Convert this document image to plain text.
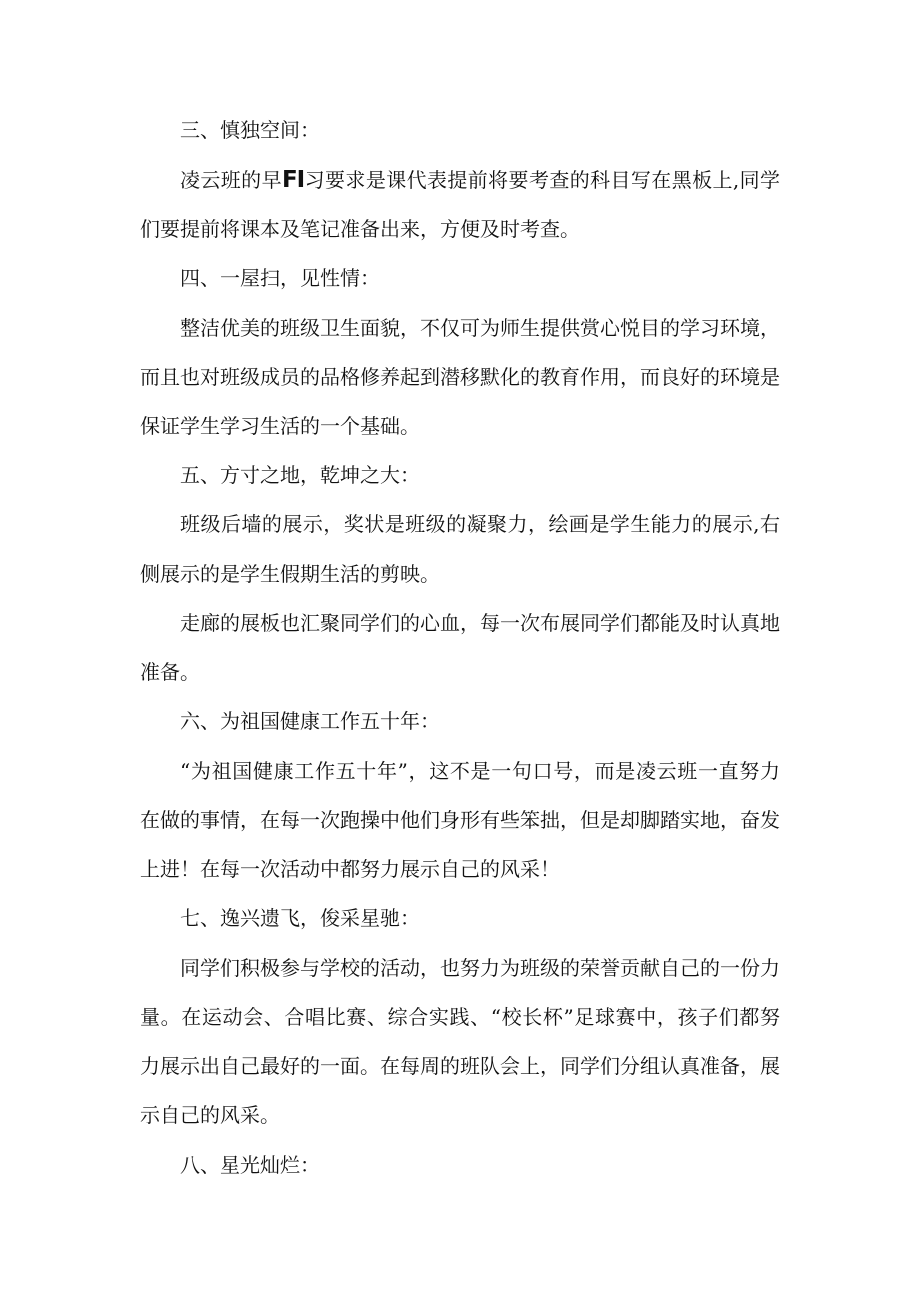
三、慎独空间：

凌云班的早FI习要求是课代表提前将要考查的科目写在黑板上,同学

们要提前将课本及笔记准备出来，方便及时考查。

四、一屋扫，见性情：

整洁优美的班级卫生面貌，不仅可为师生提供赏心悦目的学习环境，

而且也对班级成员的品格修养起到潜移默化的教育作用，而良好的环境是

保证学生学习生活的一个基础。

五、方寸之地，乾坤之大：

班级后墙的展示，奖状是班级的凝聚力，绘画是学生能力的展示,右

侧展示的是学生假期生活的剪映。

走廊的展板也汇聚同学们的心血，每一次布展同学们都能及时认真地

准备。

六、为祖国健康工作五十年：

“为祖国健康工作五十年”，这不是一句口号，而是凌云班一直努力

在做的事情，在每一次跑操中他们身形有些笨拙，但是却脚踏实地，奋发

上进！在每一次活动中都努力展示自己的风采！

七、逸兴遗飞，俊采星驰：

同学们积极参与学校的活动，也努力为班级的荣誉贡献自己的一份力

量。在运动会、合唱比赛、综合实践、“校长杯”足球赛中，孩子们都努

力展示出自己最好的一面。在每周的班队会上，同学们分组认真准备，展

示自己的风采。

八、星光灿烂：
